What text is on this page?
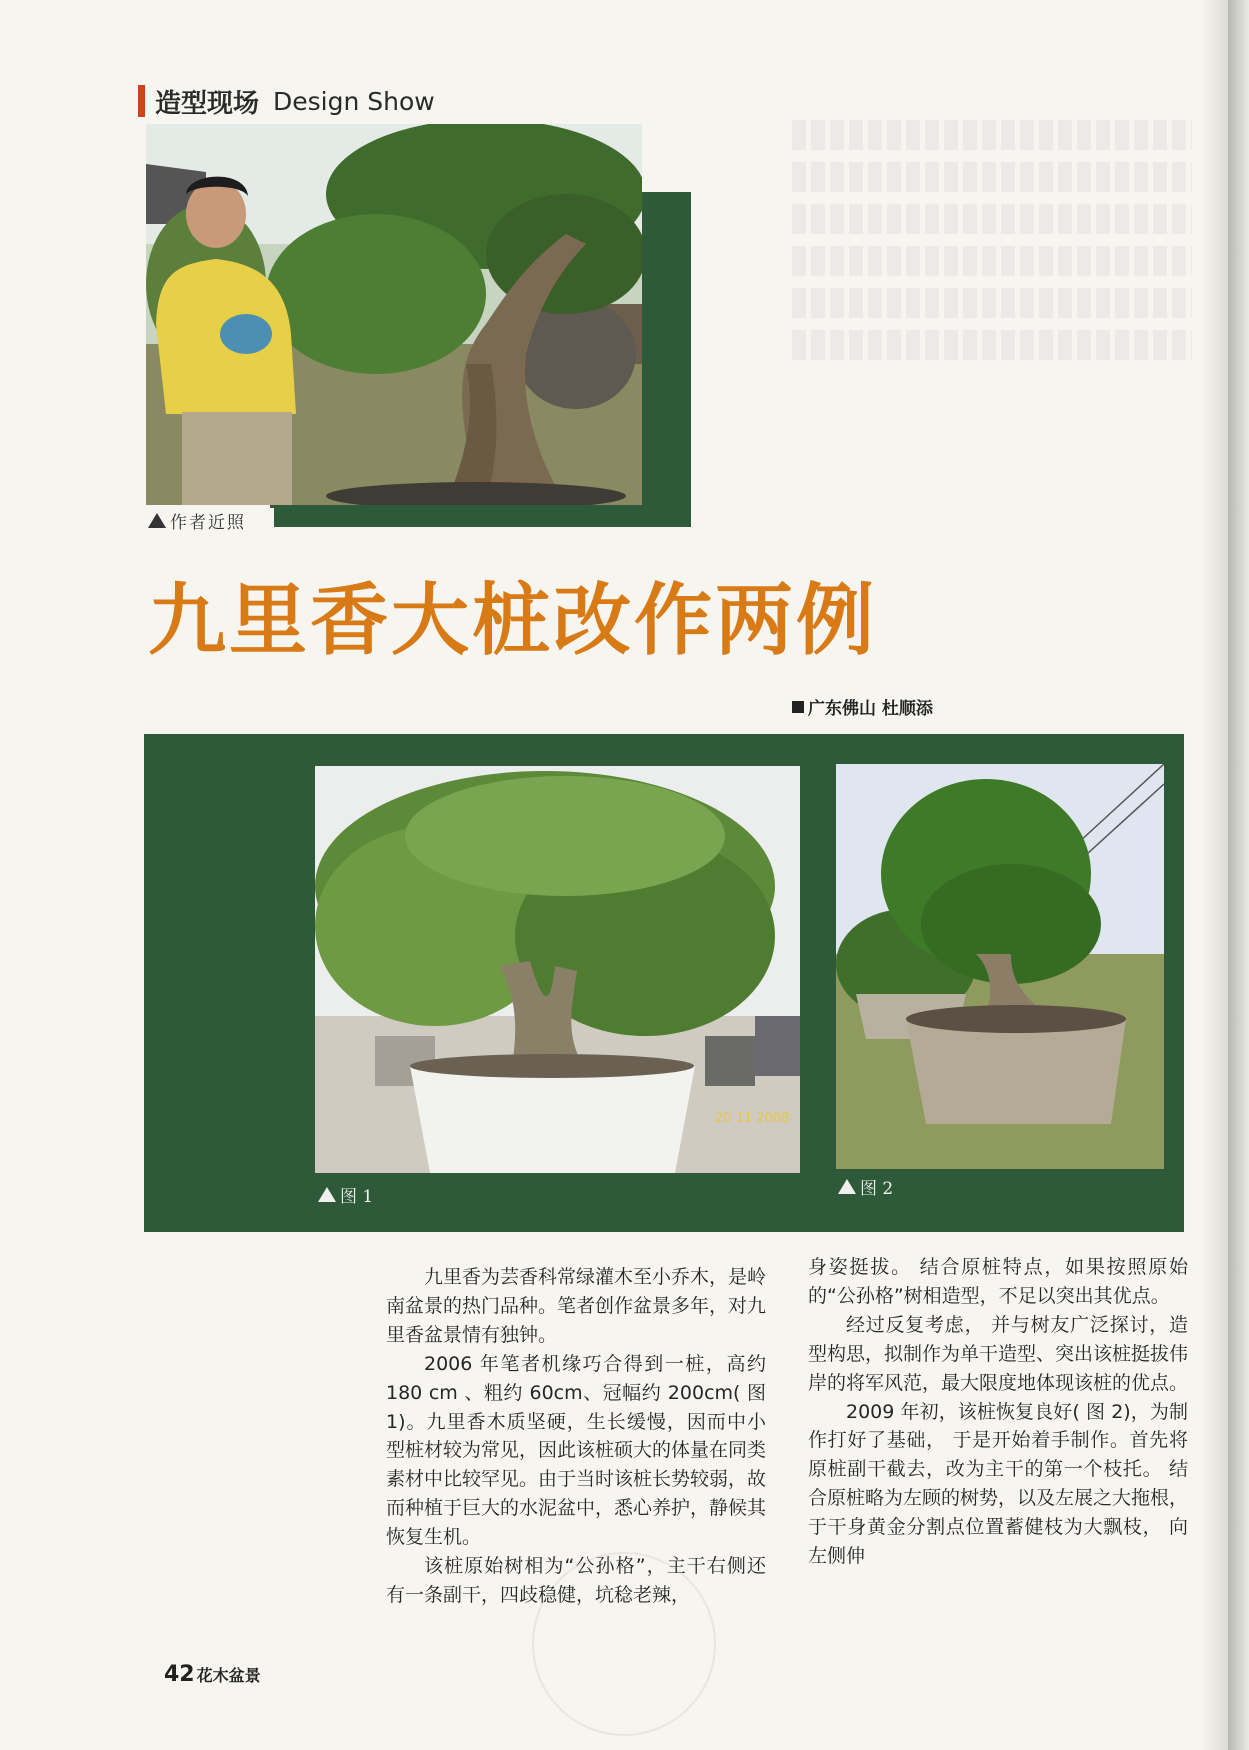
造型现场 Design Show
作者近照
九里香大桩改作两例
广东佛山 杜顺添
20 11 2008
图 1	图 2

九里香为芸香科常绿灌木至小乔木，是岭南盆景的热门品种。笔者创作盆景多年，对九里香盆景情有独钟。

2006 年笔者机缘巧合得到一桩，高约 180 cm 、粗约 60cm、冠幅约 200cm( 图 1)。九里香木质坚硬，生长缓慢，因而中小型桩材较为常见，因此该桩硕大的体量在同类素材中比较罕见。由于当时该桩长势较弱，故而种植于巨大的水泥盆中，悉心养护，静候其恢复生机。

该桩原始树相为“公孙格”，主干右侧还有一条副干，四歧稳健，坑稔老辣，

身姿挺拔。 结合原桩特点，如果按照原始的“公孙格”树相造型，不足以突出其优点。

经过反复考虑， 并与树友广泛探讨，造型构思，拟制作为单干造型、突出该桩挺拔伟岸的将军风范，最大限度地体现该桩的优点。

2009 年初，该桩恢复良好( 图 2)，为制作打好了基础， 于是开始着手制作。首先将原桩副干截去，改为主干的第一个枝托。 结合原桩略为左顾的树势，以及左展之大拖根，于干身黄金分割点位置蓄健枝为大飘枝， 向左侧伸

42 花木盆景
